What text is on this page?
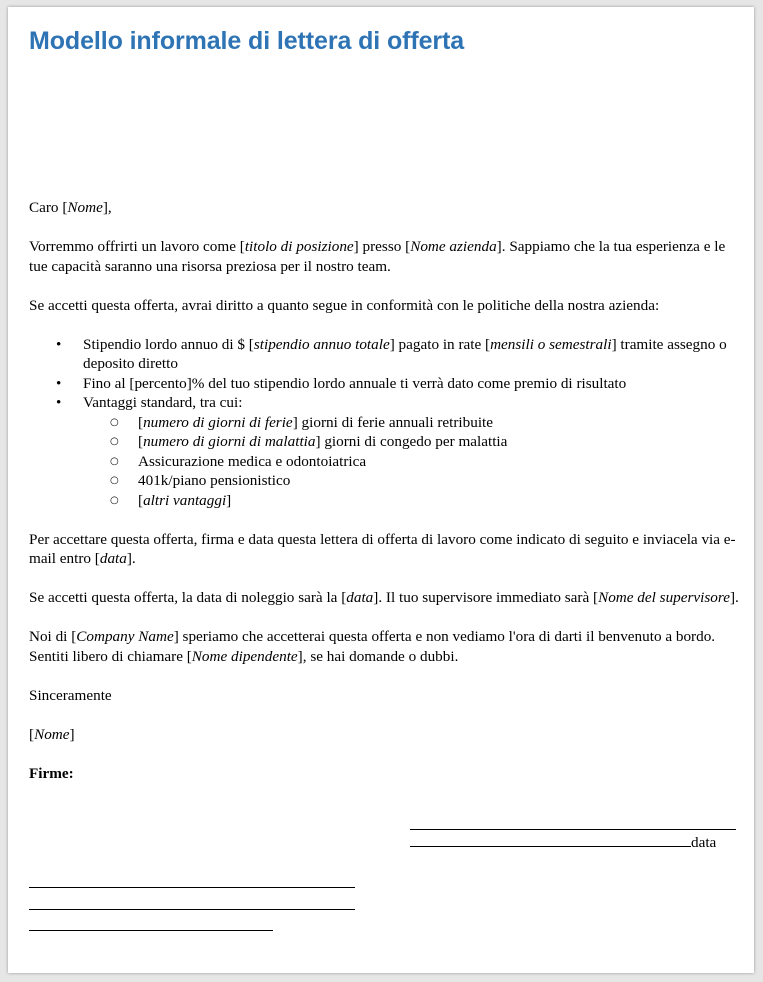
Modello informale di lettera di offerta

Caro [Nome],

Vorremmo offrirti un lavoro come [titolo di posizione] presso [Nome azienda]. Sappiamo che la tua esperienza e le tue capacità saranno una risorsa preziosa per il nostro team.

Se accetti questa offerta, avrai diritto a quanto segue in conformità con le politiche della nostra azienda:

• Stipendio lordo annuo di $ [stipendio annuo totale] pagato in rate [mensili o semestrali] tramite assegno o deposito diretto
• Fino al [percento]% del tuo stipendio lordo annuale ti verrà dato come premio di risultato
• Vantaggi standard, tra cui:
○ [numero di giorni di ferie] giorni di ferie annuali retribuite
○ [numero di giorni di malattia] giorni di congedo per malattia
○ Assicurazione medica e odontoiatrica
○ 401k/piano pensionistico
○ [altri vantaggi]

Per accettare questa offerta, firma e data questa lettera di offerta di lavoro come indicato di seguito e inviacela via e-mail entro [data].

Se accetti questa offerta, la data di noleggio sarà la [data]. Il tuo supervisore immediato sarà [Nome del supervisore].

Noi di [Company Name] speriamo che accetterai questa offerta e non vediamo l'ora di darti il benvenuto a bordo. Sentiti libero di chiamare [Nome dipendente], se hai domande o dubbi.

Sinceramente

[Nome]

Firme:

data
